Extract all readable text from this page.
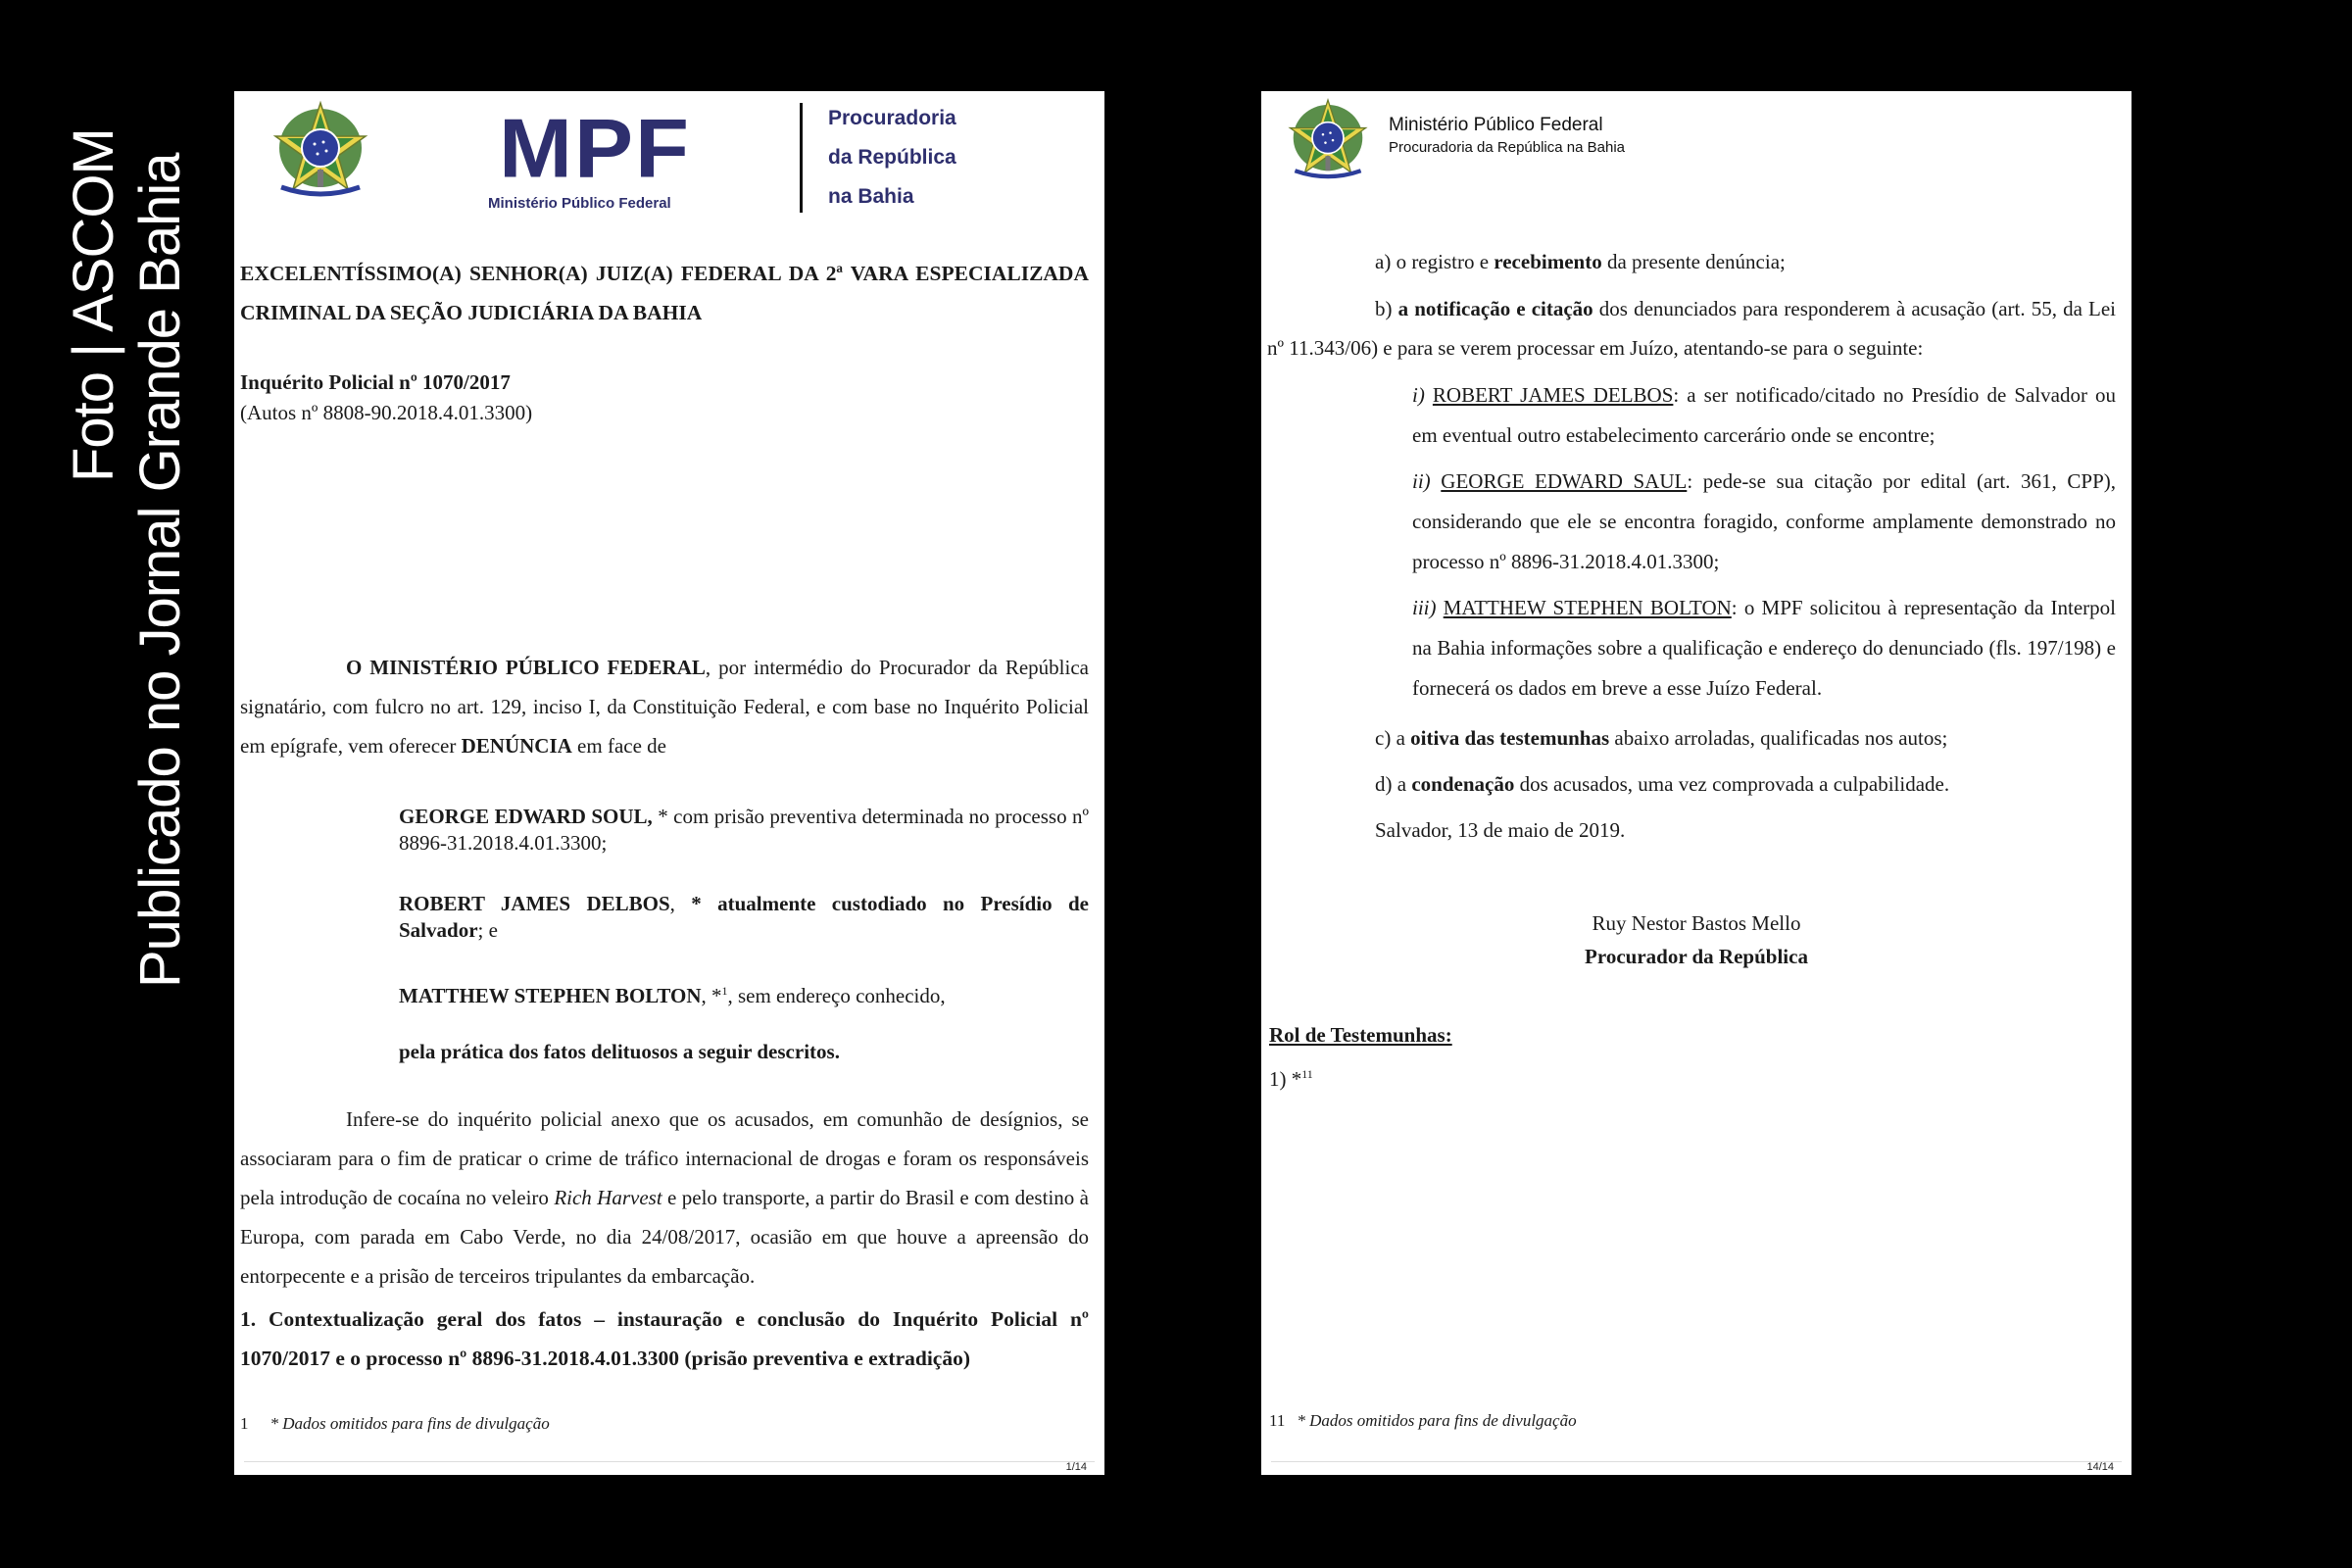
Foto | ASCOM Publicado no Jornal Grande Bahia
MPF
Ministério Público Federal
Procuradoria
da República
na Bahia
EXCELENTÍSSIMO(A) SENHOR(A) JUIZ(A) FEDERAL DA 2ª VARA ESPECIALIZADA CRIMINAL DA SEÇÃO JUDICIÁRIA DA BAHIA
Inquérito Policial nº 1070/2017
(Autos nº 8808-90.2018.4.01.3300)
O MINISTÉRIO PÚBLICO FEDERAL, por intermédio do Procurador da República signatário, com fulcro no art. 129, inciso I, da Constituição Federal, e com base no Inquérito Policial em epígrafe, vem oferecer DENÚNCIA em face de
GEORGE EDWARD SOUL, * com prisão preventiva determinada no processo nº 8896-31.2018.4.01.3300;
ROBERT JAMES DELBOS, * atualmente custodiado no Presídio de Salvador; e
MATTHEW STEPHEN BOLTON, *$^1$, sem endereço conhecido,
pela prática dos fatos delituosos a seguir descritos.
Infere-se do inquérito policial anexo que os acusados, em comunhão de desígnios, se associaram para o fim de praticar o crime de tráfico internacional de drogas e foram os responsáveis pela introdução de cocaína no veleiro Rich Harvest e pelo transporte, a partir do Brasil e com destino à Europa, com parada em Cabo Verde, no dia 24/08/2017, ocasião em que houve a apreensão do entorpecente e a prisão de terceiros tripulantes da embarcação.
1. Contextualização geral dos fatos – instauração e conclusão do Inquérito Policial nº 1070/2017 e o processo nº 8896-31.2018.4.01.3300 (prisão preventiva e extradição)
1 * Dados omitidos para fins de divulgação
1/14
Ministério Público Federal
Procuradoria da República na Bahia
a) o registro e recebimento da presente denúncia;
b) a notificação e citação dos denunciados para responderem à acusação (art. 55, da Lei nº 11.343/06) e para se verem processar em Juízo, atentando-se para o seguinte:
i) ROBERT JAMES DELBOS: a ser notificado/citado no Presídio de Salvador ou em eventual outro estabelecimento carcerário onde se encontre;
ii) GEORGE EDWARD SAUL: pede-se sua citação por edital (art. 361, CPP), considerando que ele se encontra foragido, conforme amplamente demonstrado no processo nº 8896-31.2018.4.01.3300;
iii) MATTHEW STEPHEN BOLTON: o MPF solicitou à representação da Interpol na Bahia informações sobre a qualificação e endereço do denunciado (fls. 197/198) e fornecerá os dados em breve a esse Juízo Federal.
c) a oitiva das testemunhas abaixo arroladas, qualificadas nos autos;
d) a condenação dos acusados, uma vez comprovada a culpabilidade.
Salvador, 13 de maio de 2019.
Ruy Nestor Bastos Mello
Procurador da República
Rol de Testemunhas:
1) *$^{11}$
11 * Dados omitidos para fins de divulgação
14/14
